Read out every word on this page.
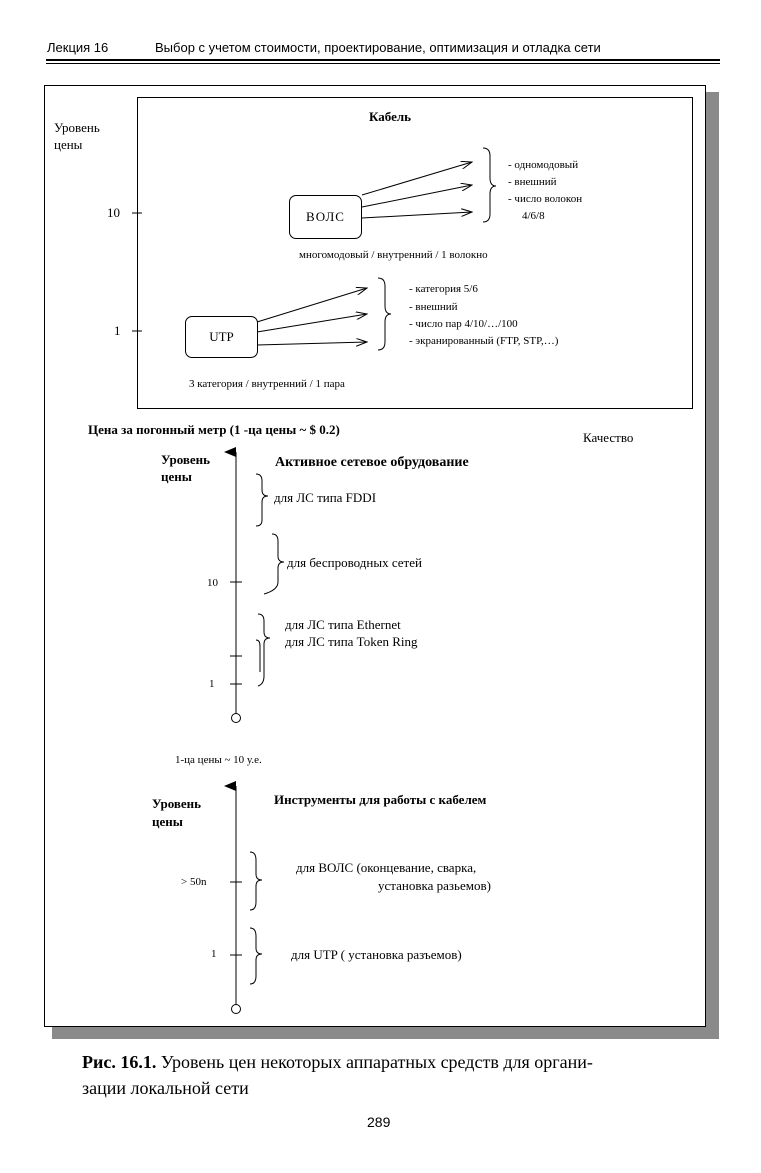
Лекция 16	Выбор с учетом стоимости, проектирование, оптимизация и отладка сети
Кабель
Уровень цены
10
1
ВОЛС
- одномодовый
- внешний
- число волокон
4/6/8
многомодовый / внутренний / 1 волокно
UTP
- категория 5/6
- внешний
- число пар 4/10/…/100
- экранированный (FTP, STP,…)
3 категория / внутренний / 1 пара
Цена за погонный метр (1 -ца цены ~ $ 0.2)
Качество
Уровень цены
Активное сетевое обрудование
для ЛС типа FDDI
для беспроводных сетей
для ЛС типа Ethernet
для ЛС типа Token Ring
10
1
1-ца цены ~ 10 у.е.
Уровень цены
Инструменты для работы с кабелем
> 50n
1
для ВОЛС (оконцевание, сварка,
установка разьемов)
для UTP ( установка разъемов)
Рис. 16.1. Уровень цен некоторых аппаратных средств для органи-
зации локальной сети
289
